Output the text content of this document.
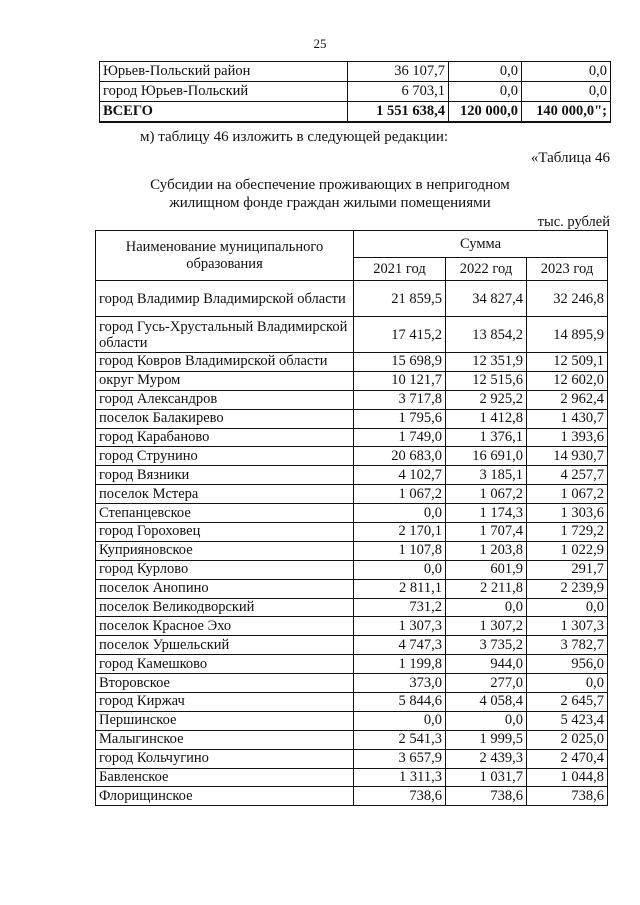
25
Юрьев-Польский район	36 107,7	0,0	0,0
город Юрьев-Польский	6 703,1	0,0	0,0
ВСЕГО	1 551 638,4	120 000,0	140 000,0";
м) таблицу 46 изложить в следующей редакции:
«Таблица 46
Субсидии на обеспечение проживающих в непригодном
жилищном фонде граждан жилыми помещениями
тыс. рублей
Наименование муниципального образования	Сумма		
	2021 год	2022 год	2023 год
город Владимир Владимирской области	21 859,5	34 827,4	32 246,8
город Гусь-Хрустальный Владимирской области	17 415,2	13 854,2	14 895,9
город Ковров Владимирской области	15 698,9	12 351,9	12 509,1
округ Муром	10 121,7	12 515,6	12 602,0
город Александров	3 717,8	2 925,2	2 962,4
поселок Балакирево	1 795,6	1 412,8	1 430,7
город Карабаново	1 749,0	1 376,1	1 393,6
город Струнино	20 683,0	16 691,0	14 930,7
город Вязники	4 102,7	3 185,1	4 257,7
поселок Мстера	1 067,2	1 067,2	1 067,2
Степанцевское	0,0	1 174,3	1 303,6
город Гороховец	2 170,1	1 707,4	1 729,2
Куприяновское	1 107,8	1 203,8	1 022,9
город Курлово	0,0	601,9	291,7
поселок Анопино	2 811,1	2 211,8	2 239,9
поселок Великодворский	731,2	0,0	0,0
поселок Красное Эхо	1 307,3	1 307,2	1 307,3
поселок Уршельский	4 747,3	3 735,2	3 782,7
город Камешково	1 199,8	944,0	956,0
Второвское	373,0	277,0	0,0
город Киржач	5 844,6	4 058,4	2 645,7
Першинское	0,0	0,0	5 423,4
Малыгинское	2 541,3	1 999,5	2 025,0
город Кольчугино	3 657,9	2 439,3	2 470,4
Бавленское	1 311,3	1 031,7	1 044,8
Флорищинское	738,6	738,6	738,6
